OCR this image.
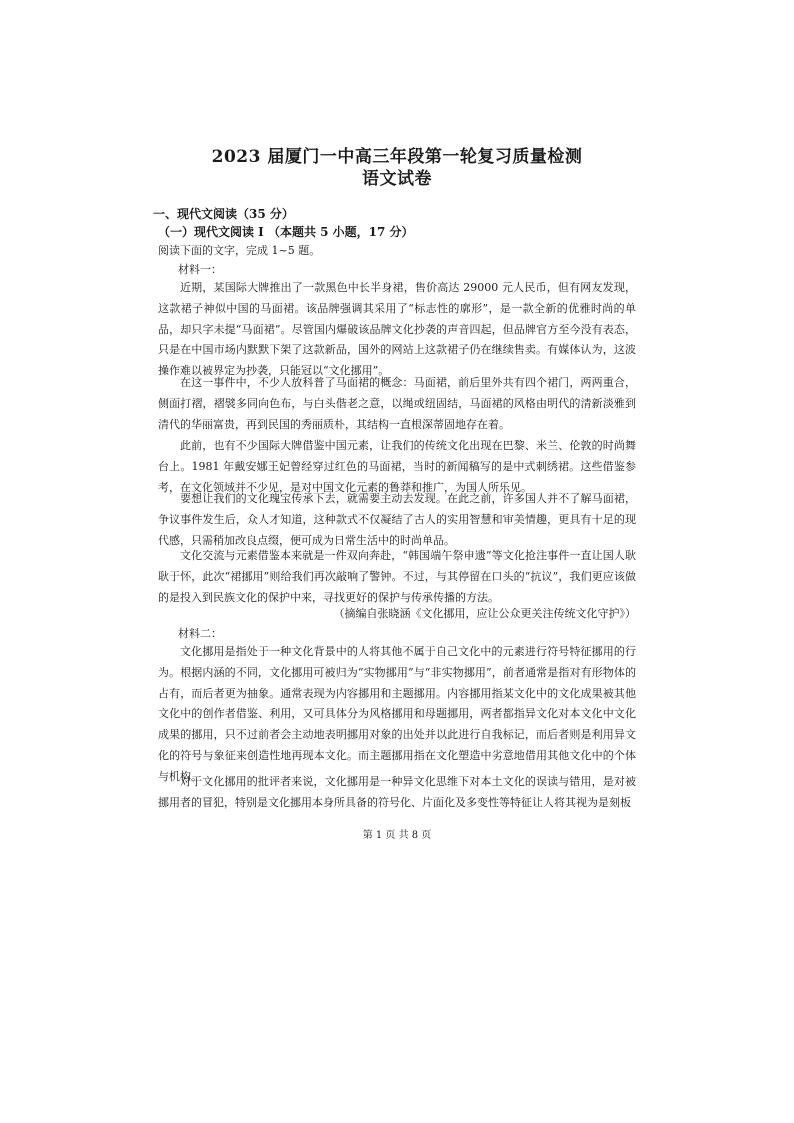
2023 届厦门一中高三年段第一轮复习质量检测
语文试卷
一、现代文阅读（35 分）
（一）现代文阅读 I （本题共 5 小题，17 分）
阅读下面的文字，完成 1~5 题。
材料一：
近期，某国际大牌推出了一款黑色中长半身裙，售价高达 29000 元人民币，但有网友发现，这款裙子神似中国的马面裙。该品牌强调其采用了“标志性的廓形”，是一款全新的优雅时尚的单品，却只字未提“马面裙”。尽管国内爆破该品牌文化抄袭的声音四起，但品牌官方至今没有表态，只是在中国市场内默默下架了这款新品，国外的网站上这款裙子仍在继续售卖。有媒体认为，这波操作难以被界定为抄袭，只能冠以“文化挪用”。
在这一事件中，不少人放科普了马面裙的概念：马面裙，前后里外共有四个裙门，两两重合，侧面打褶，褶襞多同向色布，与白头偕老之意，以绳或纽固结，马面裙的风格由明代的清新淡雅到清代的华丽富贵，再到民国的秀丽质朴，其结构一直根深蒂固地存在着。
此前，也有不少国际大牌借鉴中国元素，让我们的传统文化出现在巴黎、米兰、伦敦的时尚舞台上。1981 年戴安娜王妃曾经穿过红色的马面裙，当时的新闻稿写的是中式刺绣裙。这些借鉴参考，在文化领域并不少见，是对中国文化元素的鲁莽和推广，为国人所乐见。
要想让我们的文化瑰宝传承下去，就需要主动去发现。在此之前，许多国人并不了解马面裙，争议事件发生后，众人才知道，这种款式不仅凝结了古人的实用智慧和审美情趣，更具有十足的现代感，只需稍加改良点缀，便可成为日常生活中的时尚单品。
文化交流与元素借鉴本来就是一件双向奔赴，“韩国端午祭申遗”等文化抢注事件一直让国人耿耿于怀，此次“裙挪用”则给我们再次敲响了警钟。不过，与其停留在口头的“抗议”，我们更应该做的是投入到民族文化的保护中来，寻找更好的保护与传承传播的方法。
（摘编自张晓涵《文化挪用，应让公众更关注传统文化守护》）
材料二：
文化挪用是指处于一种文化背景中的人将其他不属于自己文化中的元素进行符号特征挪用的行为。根据内涵的不同，文化挪用可被归为“实物挪用”与“非实物挪用”，前者通常是指对有形物体的占有，而后者更为抽象。通常表现为内容挪用和主题挪用。内容挪用指某文化中的文化成果被其他文化中的创作者借鉴、利用，又可具体分为风格挪用和母题挪用，两者都指异文化对本文化中文化成果的挪用，只不过前者会主动地表明挪用对象的出处并以此进行自我标记，而后者则是利用异文化的符号与象征来创造性地再现本文化。而主题挪用指在文化塑造中劣意地借用其他文化中的个体与机构。
对于文化挪用的批评者来说，文化挪用是一种异文化思维下对本土文化的误读与错用，是对被挪用者的冒犯，特别是文化挪用本身所具备的符号化、片面化及多变性等特征让人将其视为是刻板
第 1 页 共 8 页
